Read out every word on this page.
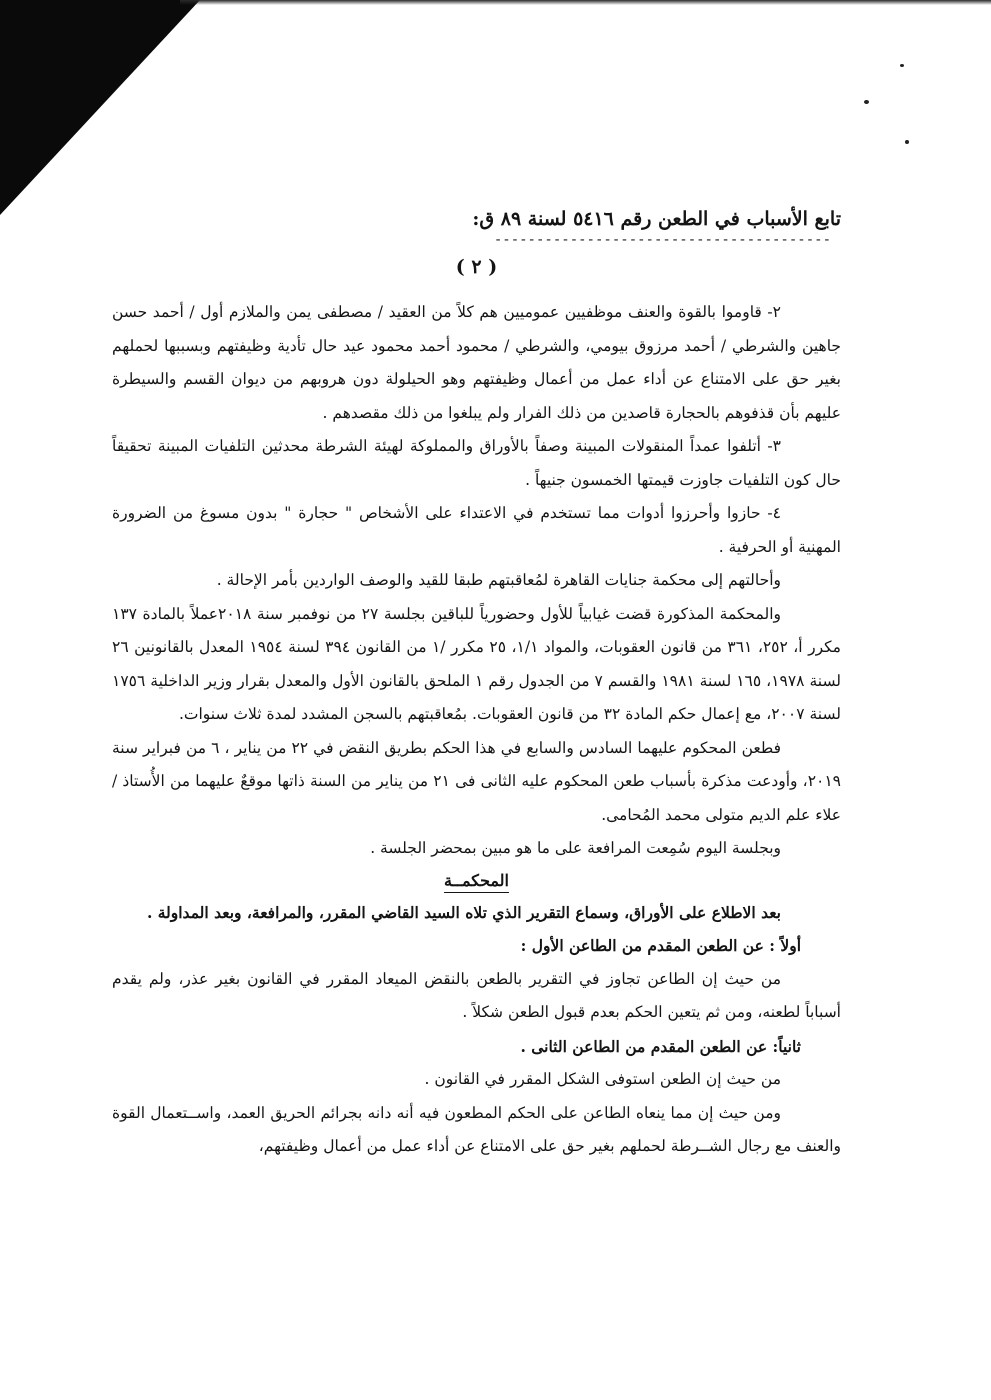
تابع الأسباب في الطعن رقم ٥٤١٦ لسنة ٨٩ ق:

----------------------------------------
( ٢ )

٢- قاوموا بالقوة والعنف موظفيين عموميين هم كلاً من العقيد / مصطفى يمن والملازم أول / أحمد حسن جاهين والشرطي / أحمد مرزوق بيومي، والشرطي / محمود أحمد محمود عيد حال تأدية وظيفتهم وبسببها لحملهم بغير حق على الامتناع عن أداء عمل من أعمال وظيفتهم وهو الحيلولة دون هروبهم من ديوان القسم والسيطرة عليهم بأن قذفوهم بالحجارة قاصدين من ذلك الفرار ولم يبلغوا من ذلك مقصدهم .

٣- أتلفوا عمداً المنقولات المبينة وصفاً بالأوراق والمملوكة لهيئة الشرطة محدثين التلفيات المبينة تحقيقاً حال كون التلفيات جاوزت قيمتها الخمسون جنيهاً .

٤- حازوا وأحرزوا أدوات مما تستخدم في الاعتداء على الأشخاص " حجارة " بدون مسوغ من الضرورة المهنية أو الحرفية .

وأحالتهم إلى محكمة جنايات القاهرة لمُعاقبتهم طبقا للقيد والوصف الواردين بأمر الإحالة .

والمحكمة المذكورة قضت غيابياً للأول وحضورياً للباقين بجلسة ٢٧ من نوفمبر سنة ٢٠١٨عملاً بالمادة ١٣٧ مكرر أ، ٢٥٢، ٣٦١ من قانون العقوبات، والمواد ١/١، ٢٥ مكرر /١ من القانون ٣٩٤ لسنة ١٩٥٤ المعدل بالقانونين ٢٦ لسنة ١٩٧٨، ١٦٥ لسنة ١٩٨١ والقسم ٧ من الجدول رقم ١ الملحق بالقانون الأول والمعدل بقرار وزير الداخلية ١٧٥٦ لسنة ٢٠٠٧، مع إعمال حكم المادة ٣٢ من قانون العقوبات. بمُعاقبتهم بالسجن المشدد لمدة ثلاث سنوات.

فطعن المحكوم عليهما السادس والسابع في هذا الحكم بطريق النقض في ٢٢ من يناير ، ٦ من فبراير سنة ٢٠١٩، وأودعت مذكرة بأسباب طعن المحكوم عليه الثانى فى ٢١ من يناير من السنة ذاتها موقعٌ عليهما من الأُستاذ / علاء علم الديم متولى محمد المُحامى.

وبجلسة اليوم سُمِعت المرافعة على ما هو مبين بمحضر الجلسة .

المحكمــة

بعد الاطلاع على الأوراق، وسماع التقرير الذي تلاه السيد القاضي المقرر، والمرافعة، وبعد المداولة .

أولاً : عن الطعن المقدم من الطاعن الأول :

من حيث إن الطاعن تجاوز في التقرير بالطعن بالنقض الميعاد المقرر في القانون بغير عذر، ولم يقدم أسباباً لطعنه، ومن ثم يتعين الحكم بعدم قبول الطعن شكلاً .

ثانياً: عن الطعن المقدم من الطاعن الثانى .

من حيث إن الطعن استوفى الشكل المقرر في القانون .

ومن حيث إن مما ينعاه الطاعن على الحكم المطعون فيه أنه دانه بجرائم الحريق العمد، واســتعمال القوة والعنف مع رجال الشــرطة لحملهم بغير حق على الامتناع عن أداء عمل من أعمال وظيفتهم،
